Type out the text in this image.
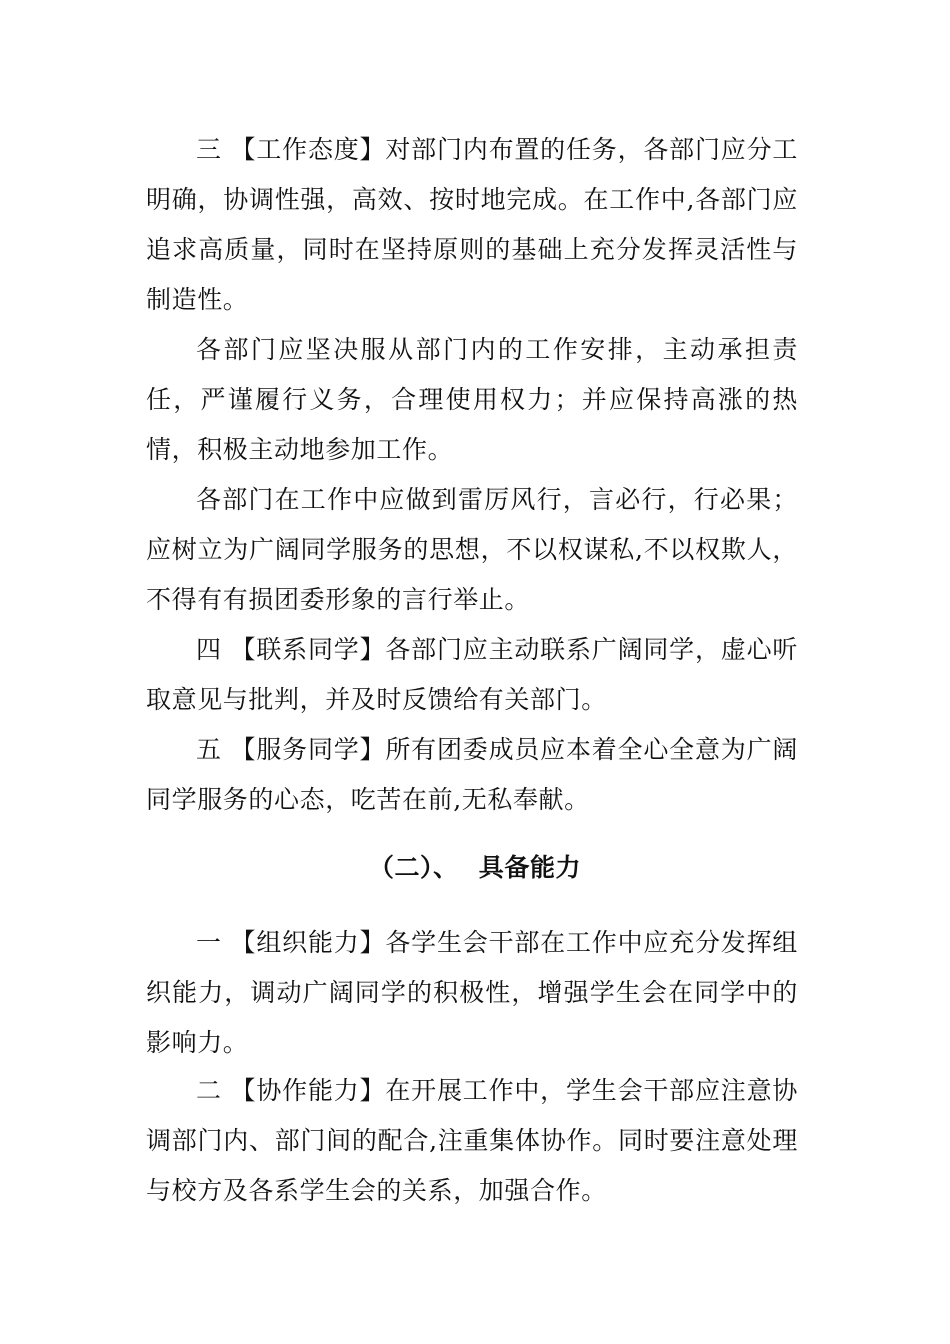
三 【工作态度】对部门内布置的任务，各部门应分工明确，协调性强，高效、按时地完成。在工作中,各部门应追求高质量，同时在坚持原则的基础上充分发挥灵活性与制造性。

各部门应坚决服从部门内的工作安排，主动承担责任，严谨履行义务，合理使用权力；并应保持高涨的热情，积极主动地参加工作。

各部门在工作中应做到雷厉风行，言必行，行必果；应树立为广阔同学服务的思想，不以权谋私,不以权欺人，不得有有损团委形象的言行举止。

四 【联系同学】各部门应主动联系广阔同学，虚心听取意见与批判，并及时反馈给有关部门。

五 【服务同学】所有团委成员应本着全心全意为广阔同学服务的心态，吃苦在前,无私奉献。

（二）、 具备能力

一 【组织能力】各学生会干部在工作中应充分发挥组织能力，调动广阔同学的积极性，增强学生会在同学中的影响力。

二 【协作能力】在开展工作中，学生会干部应注意协调部门内、部门间的配合,注重集体协作。同时要注意处理与校方及各系学生会的关系，加强合作。
